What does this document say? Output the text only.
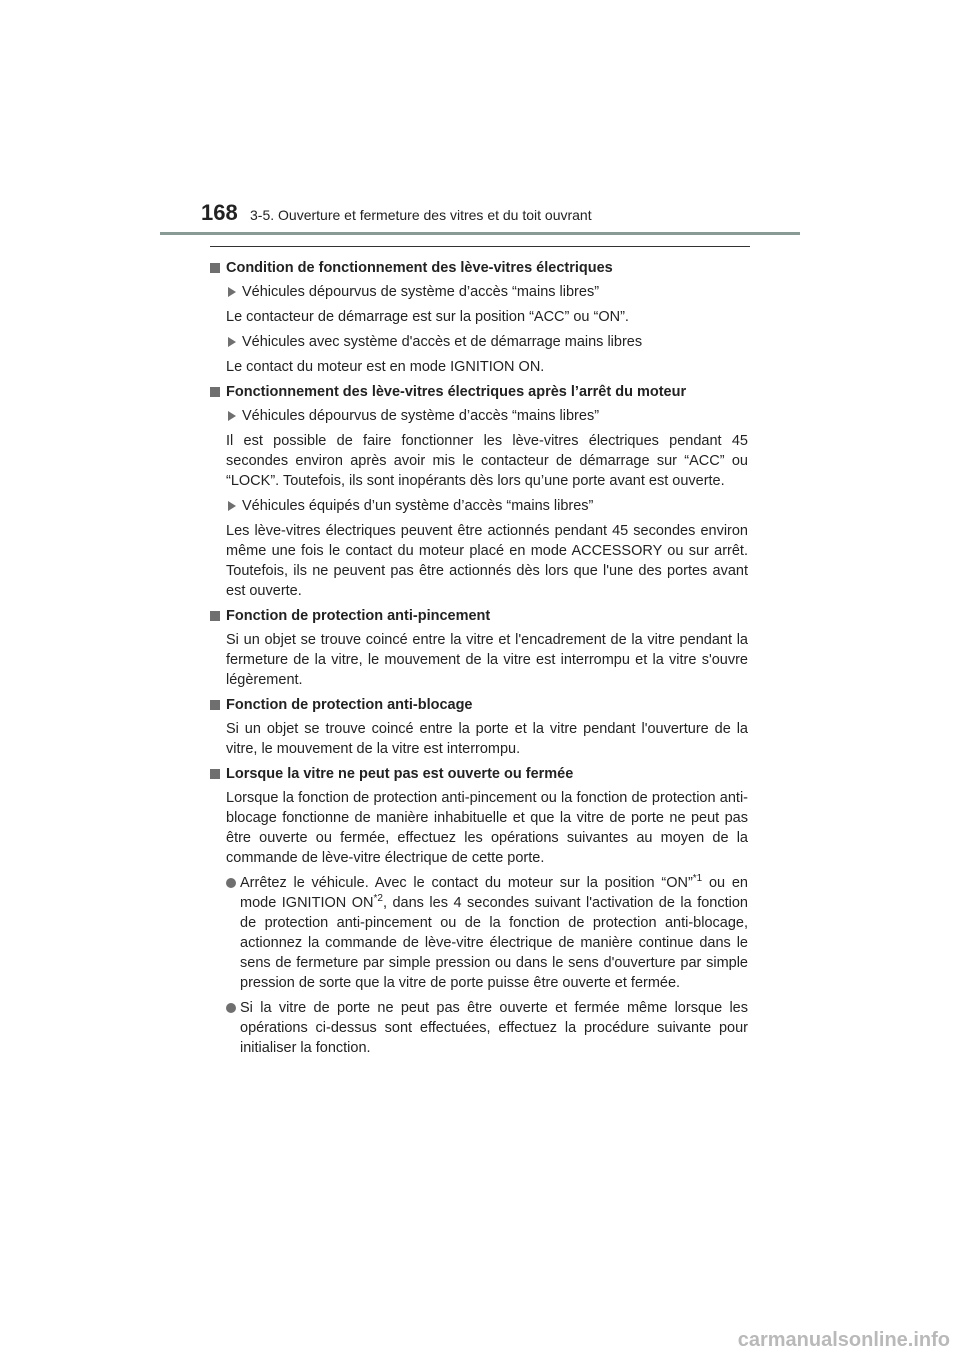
168 3-5. Ouverture et fermeture des vitres et du toit ouvrant
Condition de fonctionnement des lève-vitres électriques
Véhicules dépourvus de système d’accès “mains libres”

Le contacteur de démarrage est sur la position “ACC” ou “ON”.

Véhicules avec système d'accès et de démarrage mains libres

Le contact du moteur est en mode IGNITION ON.

Fonctionnement des lève-vitres électriques après l’arrêt du moteur
Véhicules dépourvus de système d’accès “mains libres”

Il est possible de faire fonctionner les lève-vitres électriques pendant 45 secondes environ après avoir mis le contacteur de démarrage sur “ACC” ou “LOCK”. Toutefois, ils sont inopérants dès lors qu’une porte avant est ouverte.

Véhicules équipés d’un système d’accès “mains libres”

Les lève-vitres électriques peuvent être actionnés pendant 45 secondes environ même une fois le contact du moteur placé en mode ACCESSORY ou sur arrêt. Toutefois, ils ne peuvent pas être actionnés dès lors que l'une des portes avant est ouverte.

Fonction de protection anti-pincement

Si un objet se trouve coincé entre la vitre et l'encadrement de la vitre pendant la fermeture de la vitre, le mouvement de la vitre est interrompu et la vitre s'ouvre légèrement.

Fonction de protection anti-blocage

Si un objet se trouve coincé entre la porte et la vitre pendant l'ouverture de la vitre, le mouvement de la vitre est interrompu.

Lorsque la vitre ne peut pas est ouverte ou fermée

Lorsque la fonction de protection anti-pincement ou la fonction de protection anti-blocage fonctionne de manière inhabituelle et que la vitre de porte ne peut pas être ouverte ou fermée, effectuez les opérations suivantes au moyen de la commande de lève-vitre électrique de cette porte.

Arrêtez le véhicule. Avec le contact du moteur sur la position “ON”$^{*1}$ ou en mode IGNITION ON$^{*2}$, dans les 4 secondes suivant l'activation de la fonction de protection anti-pincement ou de la fonction de protection anti-blocage, actionnez la commande de lève-vitre électrique de manière continue dans le sens de fermeture par simple pression ou dans le sens d'ouverture par simple pression de sorte que la vitre de porte puisse être ouverte et fermée.
Si la vitre de porte ne peut pas être ouverte et fermée même lorsque les opérations ci-dessus sont effectuées, effectuez la procédure suivante pour initialiser la fonction.
carmanualsonline.info
